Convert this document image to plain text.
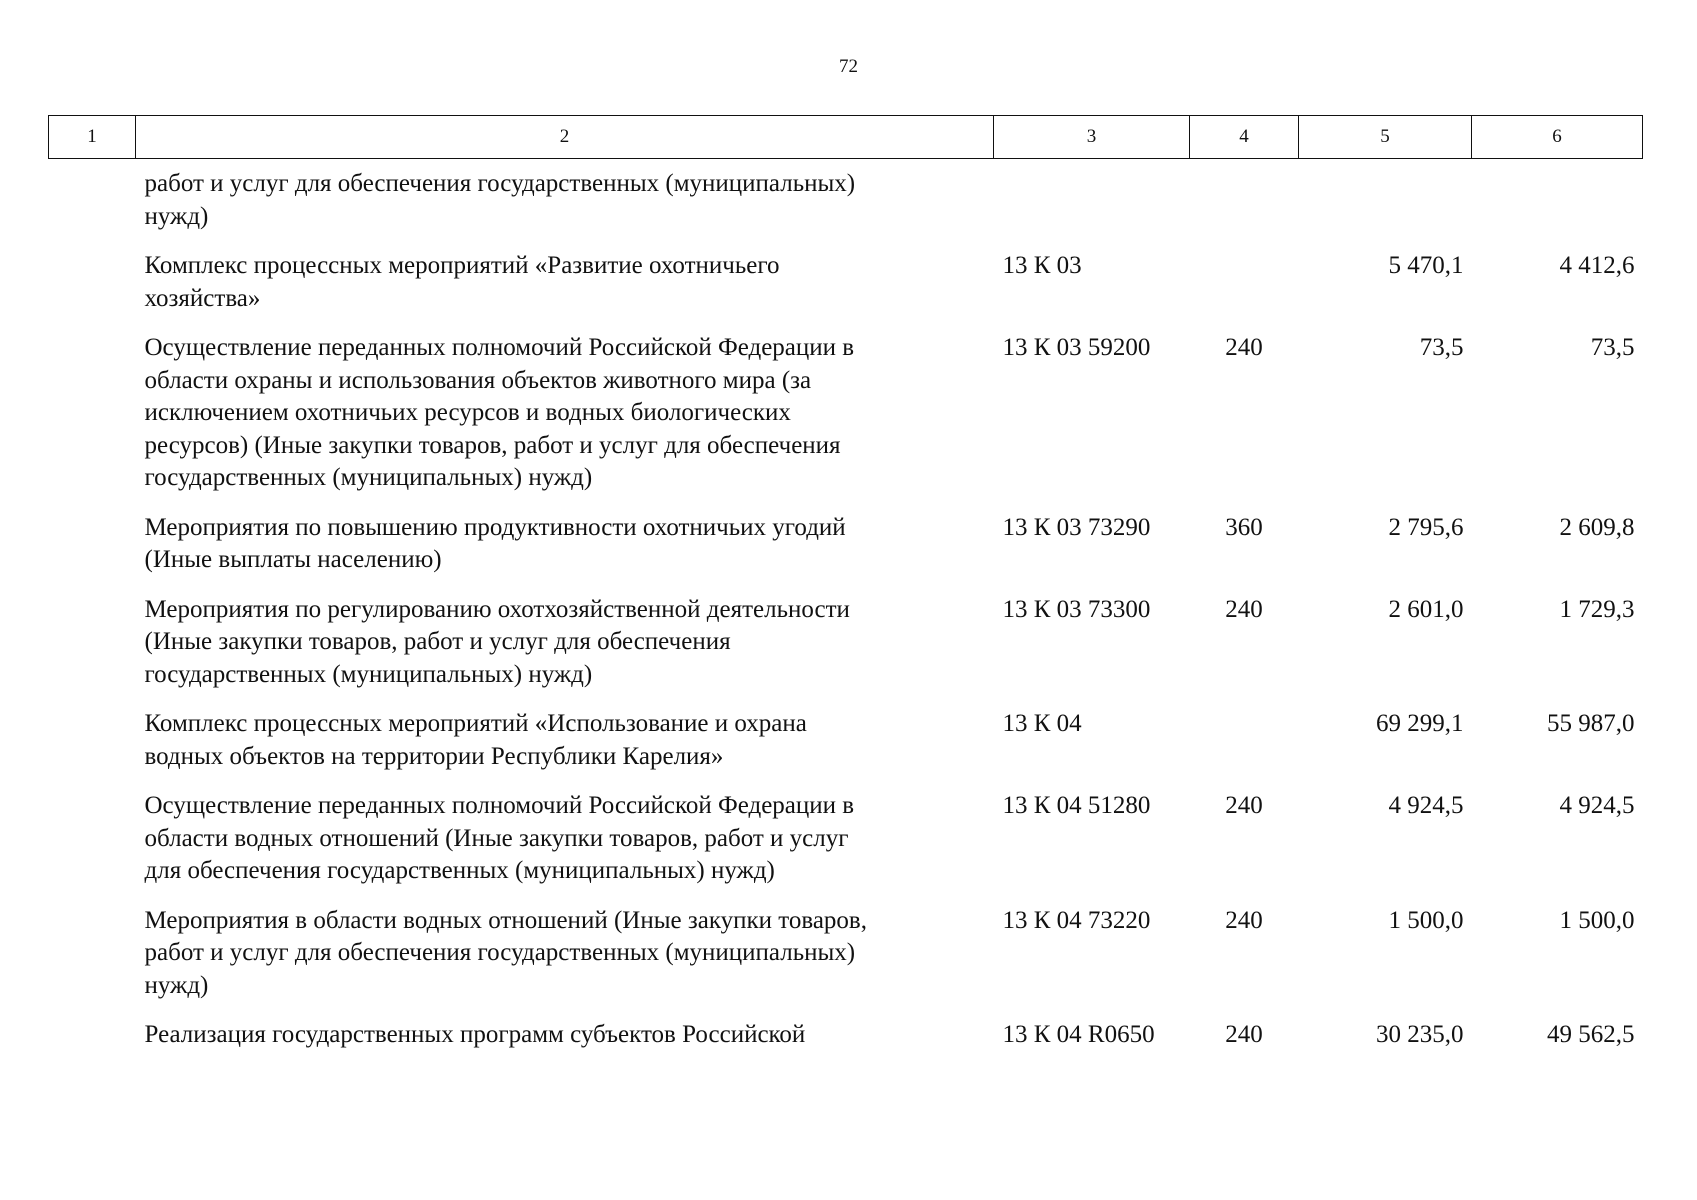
72
1	2	3	4	5	6

работ и услуг для обеспечения государственных (муниципальных)
нужд)					

Комплекс процессных мероприятий «Развитие охотничьего
хозяйства»		13 К 03		5 470,1	4 412,6

Осуществление переданных полномочий Российской Федерации в
области охраны и использования объектов животного мира (за
исключением охотничьих ресурсов и водных биологических
ресурсов) (Иные закупки товаров, работ и услуг для обеспечения
государственных (муниципальных) нужд)		13 К 03 59200	240	73,5	73,5

Мероприятия по повышению продуктивности охотничьих угодий
(Иные выплаты населению)		13 К 03 73290	360	2 795,6	2 609,8

Мероприятия по регулированию охотхозяйственной деятельности
(Иные закупки товаров, работ и услуг для обеспечения
государственных (муниципальных) нужд)		13 К 03 73300	240	2 601,0	1 729,3

Комплекс процессных мероприятий «Использование и охрана
водных объектов на территории Республики Карелия»		13 К 04		69 299,1	55 987,0

Осуществление переданных полномочий Российской Федерации в
области водных отношений (Иные закупки товаров, работ и услуг
для обеспечения государственных (муниципальных) нужд)		13 К 04 51280	240	4 924,5	4 924,5

Мероприятия в области водных отношений (Иные закупки товаров,
работ и услуг для обеспечения государственных (муниципальных)
нужд)		13 К 04 73220	240	1 500,0	1 500,0

Реализация государственных программ субъектов Российской		13 К 04 R0650	240	30 235,0	49 562,5
